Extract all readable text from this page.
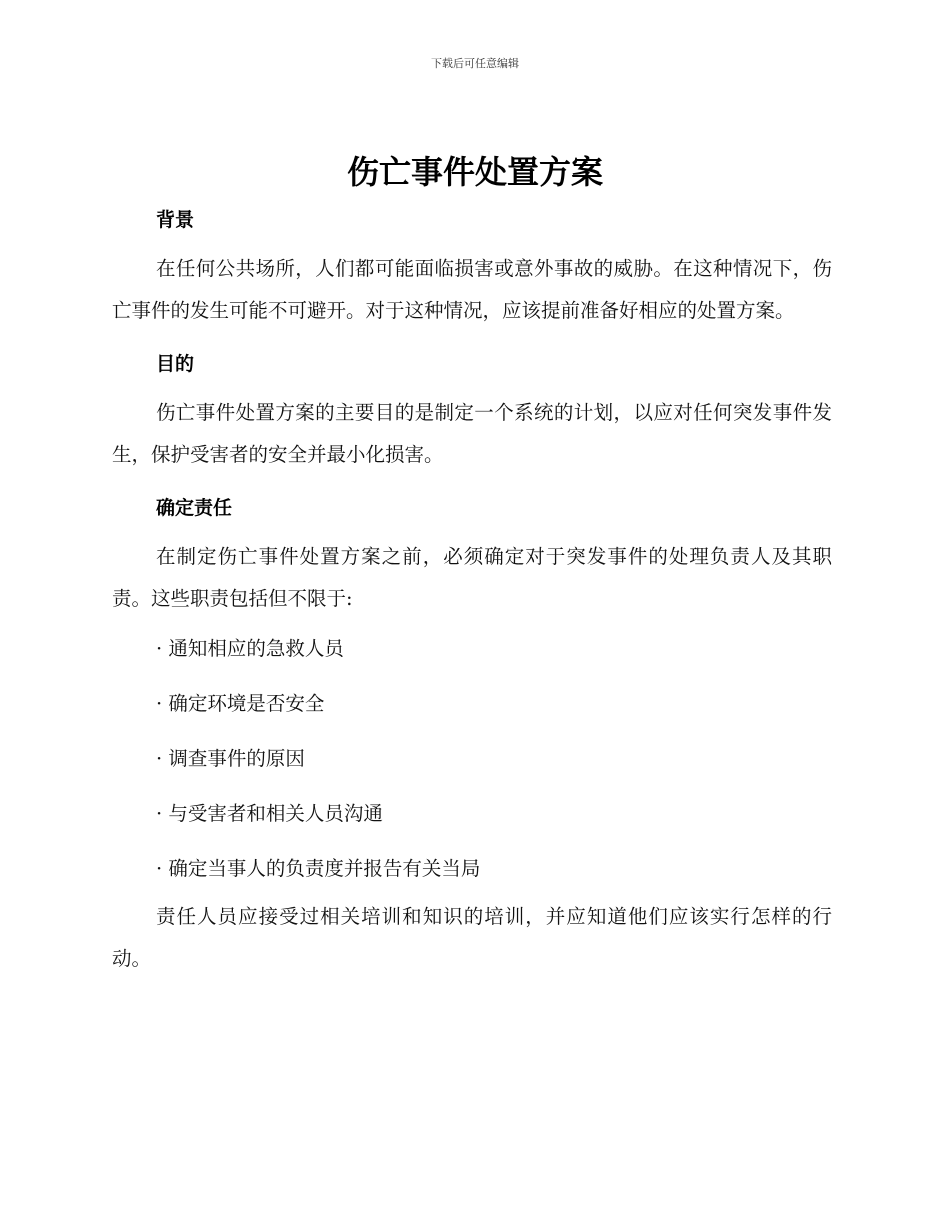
下载后可任意编辑
伤亡事件处置方案
背景

在任何公共场所，人们都可能面临损害或意外事故的威胁。在这种情况下，伤亡事件的发生可能不可避开。对于这种情况，应该提前准备好相应的处置方案。

目的

伤亡事件处置方案的主要目的是制定一个系统的计划，以应对任何突发事件发生，保护受害者的安全并最小化损害。

确定责任

在制定伤亡事件处置方案之前，必须确定对于突发事件的处理负责人及其职责。这些职责包括但不限于:

· 通知相应的急救人员
· 确定环境是否安全
· 调查事件的原因
· 与受害者和相关人员沟通
· 确定当事人的负责度并报告有关当局

责任人员应接受过相关培训和知识的培训，并应知道他们应该实行怎样的行动。
